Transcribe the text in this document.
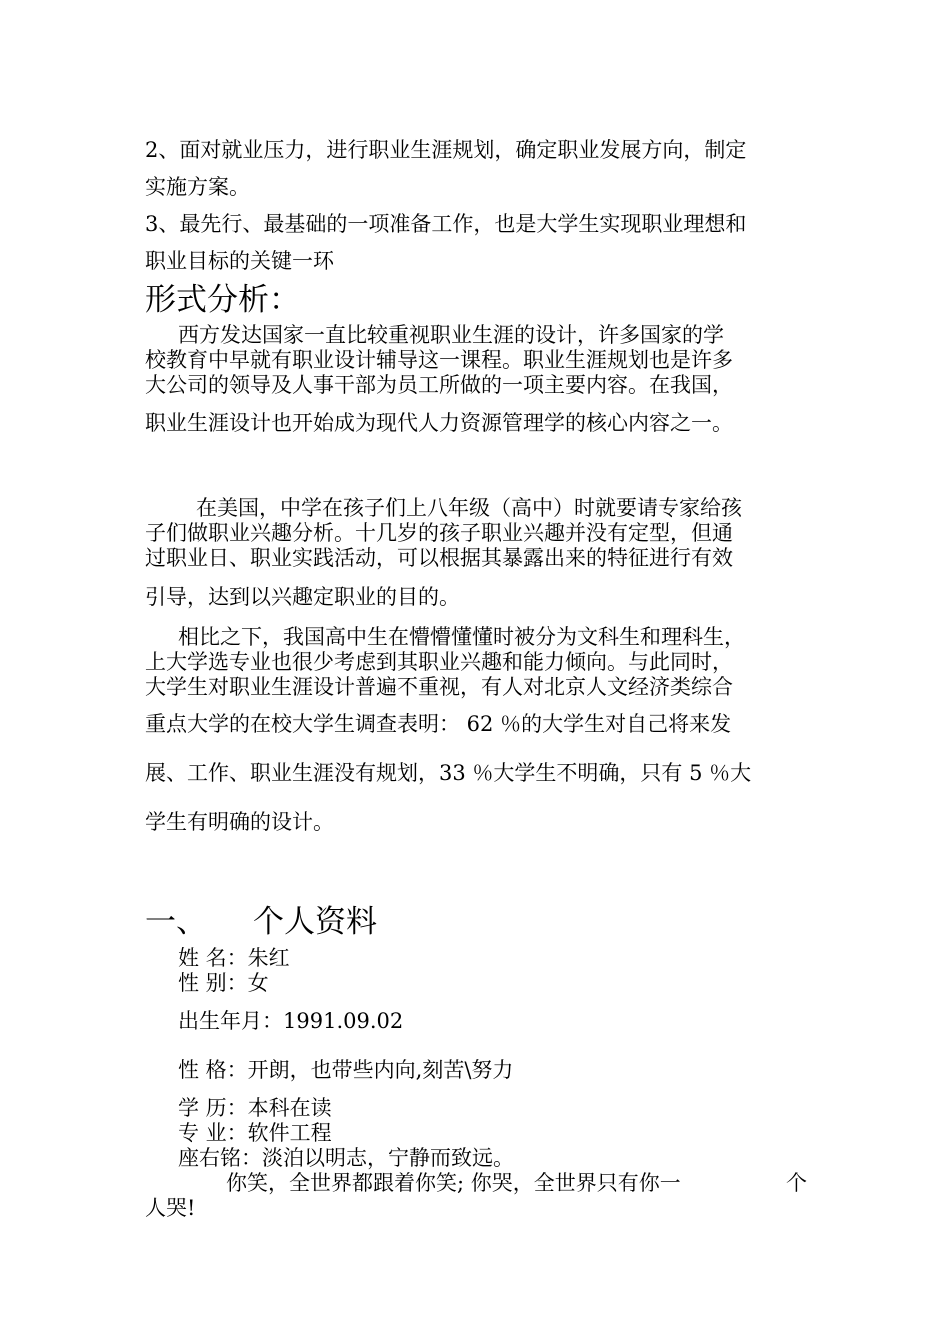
2、面对就业压力，进行职业生涯规划，确定职业发展方向，制定

实施方案。

3、最先行、最基础的一项准备工作，也是大学生实现职业理想和

职业目标的关键一环

形式分析：

西方发达国家一直比较重视职业生涯的设计，许多国家的学

校教育中早就有职业设计辅导这一课程。职业生涯规划也是许多

大公司的领导及人事干部为员工所做的一项主要内容。在我国，

职业生涯设计也开始成为现代人力资源管理学的核心内容之一。

在美国，中学在孩子们上八年级（高中）时就要请专家给孩

子们做职业兴趣分析。十几岁的孩子职业兴趣并没有定型，但通

过职业日、职业实践活动，可以根据其暴露出来的特征进行有效

引导，达到以兴趣定职业的目的。

相比之下，我国高中生在懵懵懂懂时被分为文科生和理科生，

上大学选专业也很少考虑到其职业兴趣和能力倾向。与此同时，

大学生对职业生涯设计普遍不重视，有人对北京人文经济类综合

重点大学的在校大学生调查表明： 62 ％的大学生对自己将来发

展、工作、职业生涯没有规划，33 ％大学生不明确，只有 5 ％大

学生有明确的设计。

一、 个人资料

姓 名：朱红

性 别：女

出生年月：1991.09.02

性 格：开朗，也带些内向,刻苦\努力

学 历：本科在读

专 业：软件工程

座右铭：淡泊以明志，宁静而致远。

你笑，全世界都跟着你笑; 你哭，全世界只有你一	个

人哭!
